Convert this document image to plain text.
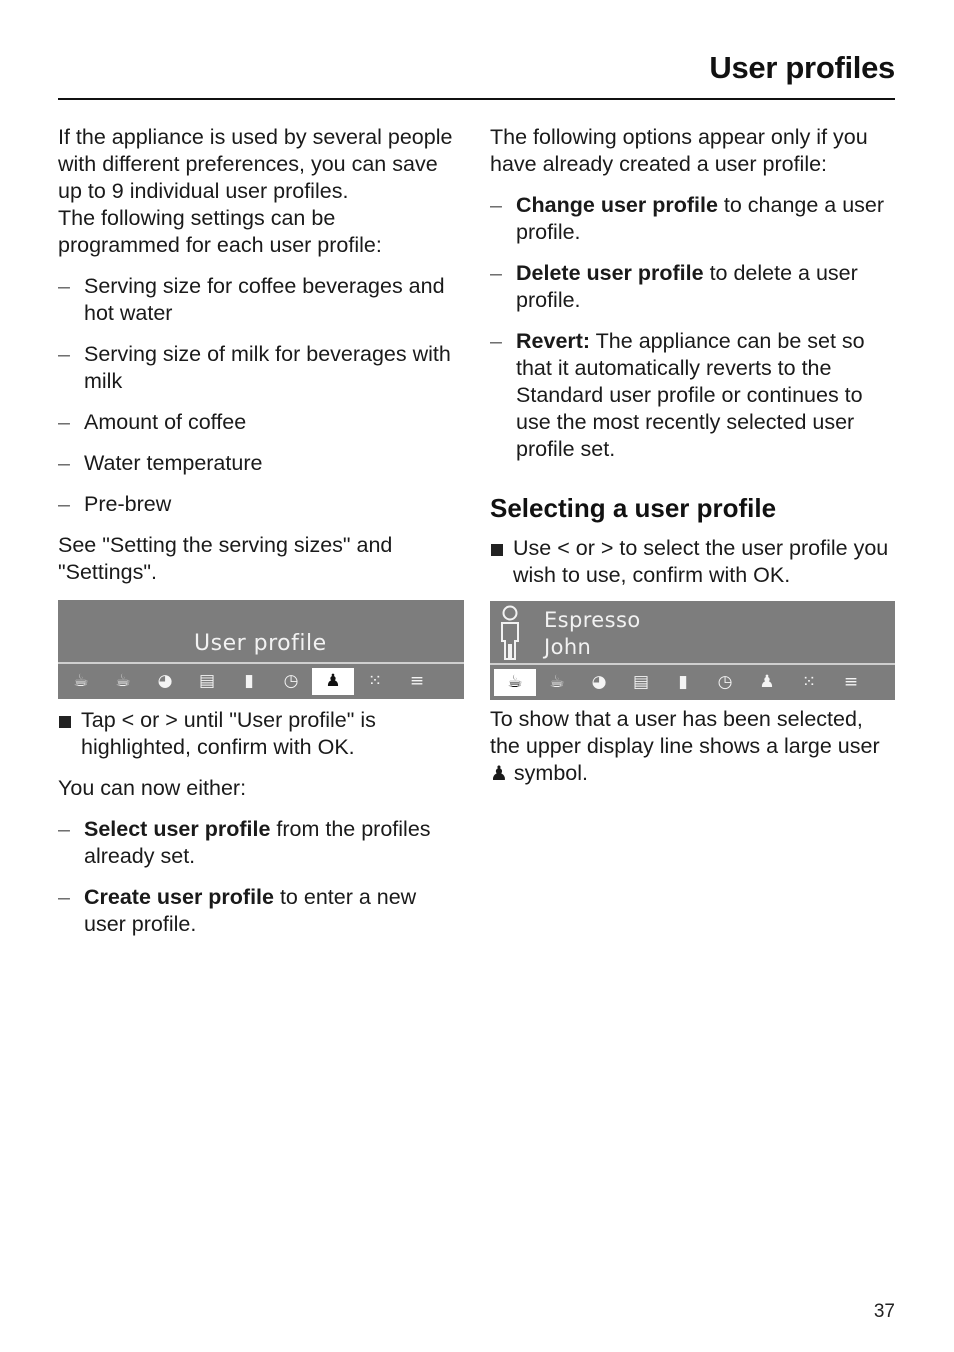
User profiles

If the appliance is used by several people with different preferences, you can save up to 9 individual user profiles.

The following settings can be programmed for each user profile:

– Serving size for coffee beverages and hot water
– Serving size of milk for beverages with milk
– Amount of coffee
– Water temperature
– Pre-brew

See "Setting the serving sizes" and "Settings".

User profile
☕	☕	◕	▤	▮	◷	♟	⁙	≡

Tap < or > until "User profile" is highlighted, confirm with OK.

You can now either:

– Select user profile from the profiles already set.
– Create user profile to enter a new user profile.

The following options appear only if you have already created a user profile:

– Change user profile to change a user profile.
– Delete user profile to delete a user profile.
– Revert: The appliance can be set so that it automatically reverts to the Standard user profile or continues to use the most recently selected user profile set.
Selecting a user profile

Use < or > to select the user profile you wish to use, confirm with OK.

Espresso
John
☕	☕	◕	▤	▮	◷	♟	⁙	≡

To show that a user has been selected, the upper display line shows a large user ♟ symbol.

37
